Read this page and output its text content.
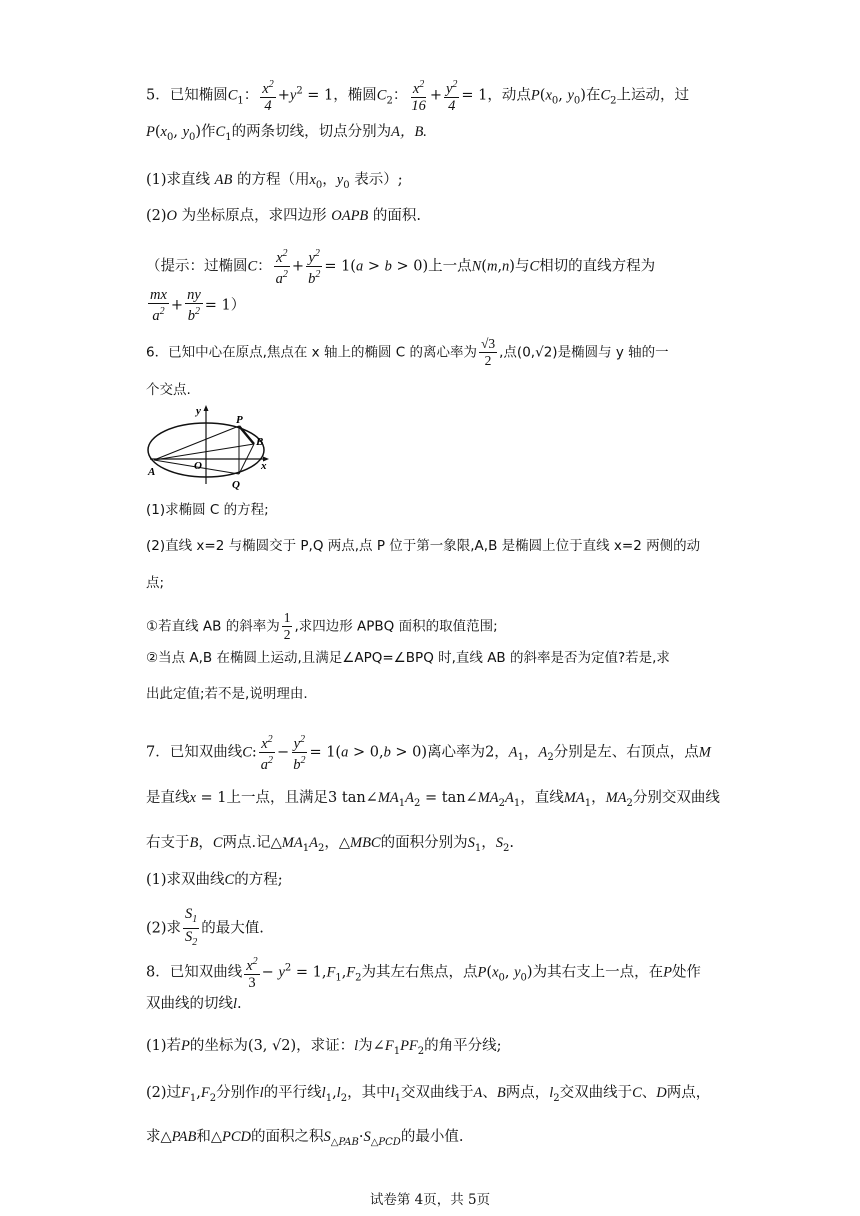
5．已知椭圆$C_1$： $\frac{x^2}{4} +y^2 = 1$，椭圆$C_2$： $\frac{x^2}{16} + \frac{y^2}{4} = 1$，动点$P(x_0$, $y_0$)在$C_2$上运动，过
$P(x_0$, $y_0$)作$C_1$的两条切线，切点分别为A，B.
(1)求直线 AB 的方程（用$x_0$，$y_0$ 表示）;
(2)O 为坐标原点，求四边形 OAPB 的面积.
（提示：过椭圆C： $\frac{x^2}{a^2} + \frac{y^2}{b^2} = 1(a > b > 0)$上一点N(m,n)与C相切的直线方程为
$\frac{mx}{a^2} + \frac{ny}{b^2} = 1$）
6．已知中心在原点,焦点在 x 轴上的椭圆 C 的离心率为 $\frac{√3}{2}$ ,点(0,√2)是椭圆与 y 轴的一
个交点.
y
x
O
A
P
B
Q
(1)求椭圆 C 的方程;
(2)直线 x=2 与椭圆交于 P,Q 两点,点 P 位于第一象限,A,B 是椭圆上位于直线 x=2 两侧的动
点;
①若直线 AB 的斜率为 $\frac{1}{2}$ ,求四边形 APBQ 面积的取值范围;
②当点 A,B 在椭圆上运动,且满足∠APQ=∠BPQ 时,直线 AB 的斜率是否为定值?若是,求
出此定值;若不是,说明理由.
7．已知双曲线C: $\frac{x^2}{a^2} - \frac{y^2}{b^2} = 1(a > 0,b > 0)$离心率为2，$A_1$，$A_2$分别是左、右顶点，点M
是直线x = 1上一点，且满足3 $\tan\angle MA_1A_2$ = $\tan\angle MA_2A_1$，直线$MA_1$，$MA_2$分别交双曲线
右支于B，C两点.记$\triangle MA_1A_2$，△MBC的面积分别为$S_1$，$S_2$.
(1)求双曲线C的方程;
(2)求 $\frac{S_1}{S_2}$ 的最大值.
8．已知双曲线 $\frac{x^2}{3} - y^2 = 1,F_1,F_2$为其左右焦点，点$P(x_0$, $y_0$)为其右支上一点，在P处作
双曲线的切线l.
(1)若P的坐标为(3, √2)，求证：l为$\angle F_1PF_2$的角平分线;
(2)过$F_1,F_2$分别作l的平行线$l_1,l_2$，其中$l_1$交双曲线于A、B两点，$l_2$交双曲线于C、D两点，
求△PAB和△PCD的面积之积$S_{\triangle PAB}\cdot S_{\triangle PCD}$的最小值.
试卷第 4页，共 5页
